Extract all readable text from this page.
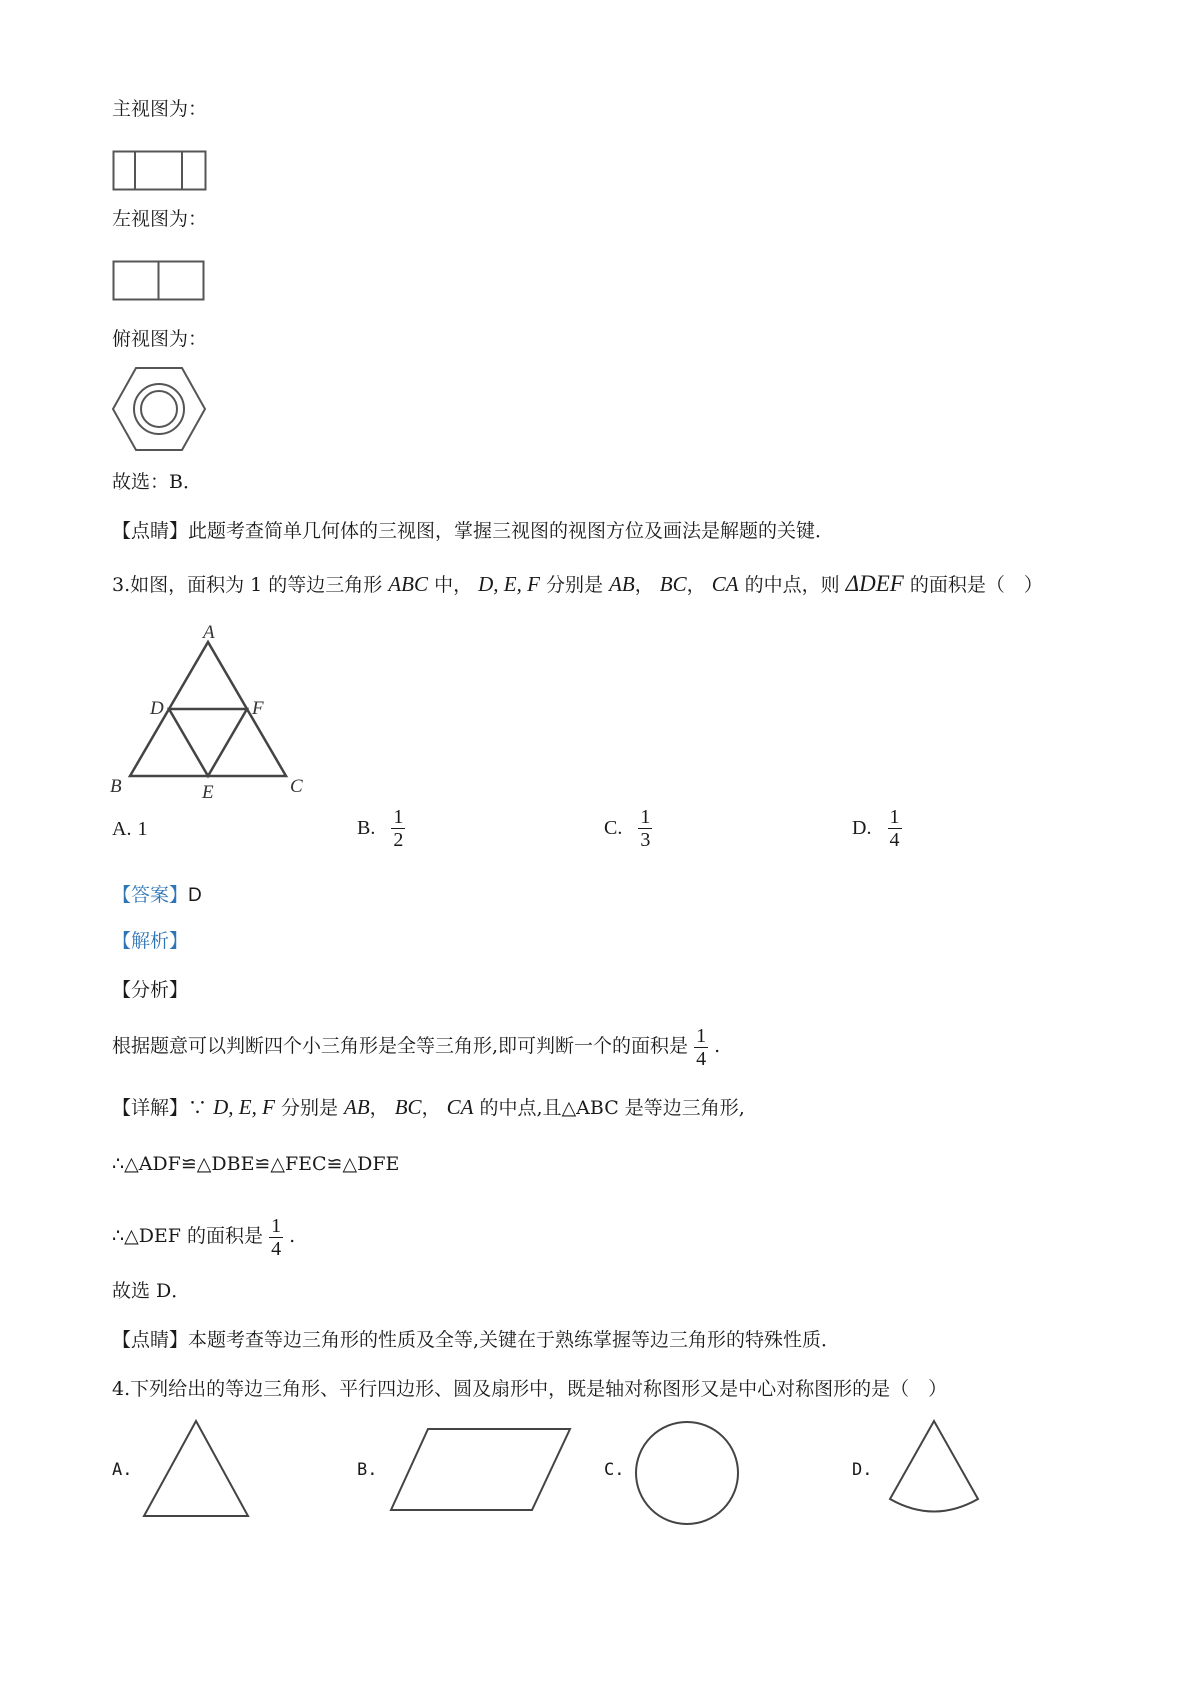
主视图为：
左视图为：
俯视图为：
故选：B．
【点睛】此题考查简单几何体的三视图，掌握三视图的视图方位及画法是解题的关键．
3.如图，面积为 1 的等边三角形 ABC 中， D, E, F 分别是 AB， BC， CA 的中点，则 ΔDEF 的面积是（　）
A
B	C
D
E
F
A. 1	B. $\frac{1}{2}$	C. $\frac{1}{3}$	D. $\frac{1}{4}$
【答案】D
【解析】
【分析】
根据题意可以判断四个小三角形是全等三角形,即可判断一个的面积是 $\frac{1}{4}$ .
【详解】∵ D, E, F 分别是 AB， BC， CA 的中点,且△ABC 是等边三角形,
∴△ADF≌△DBE≌△FEC≌△DFE
∴△DEF 的面积是 $\frac{1}{4}$ .
故选 D．
【点睛】本题考查等边三角形的性质及全等,关键在于熟练掌握等边三角形的特殊性质．
4.下列给出的等边三角形、平行四边形、圆及扇形中，既是轴对称图形又是中心对称图形的是（　）
A.	B.	C.	D.
